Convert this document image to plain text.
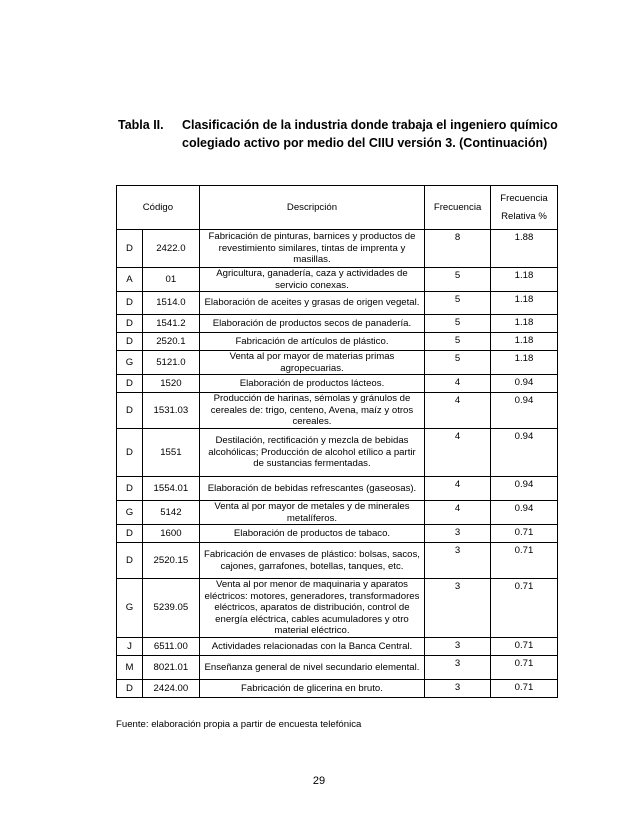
Tabla II. Clasificación de la industria donde trabaja el ingeniero químico
colegiado activo por medio del CIIU versión 3. (Continuación)
Código		Descripción	Frecuencia	Frecuencia
Relativa %

D	2422.0	Fabricación de pinturas, barnices y productos de revestimiento similares, tintas de imprenta y masillas.	8	1.88
A	01	Agricultura, ganadería, caza y actividades de servicio conexas.	5	1.18
D	1514.0	Elaboración de aceites y grasas de origen vegetal.	5	1.18
D	1541.2	Elaboración de productos secos de panadería.	5	1.18
D	2520.1	Fabricación de artículos de plástico.	5	1.18
G	5121.0	Venta al por mayor de materias primas agropecuarias.	5	1.18
D	1520	Elaboración de productos lácteos.	4	0.94
D	1531.03	Producción de harinas, sémolas y gránulos de cereales de: trigo, centeno, Avena, maíz y otros cereales.	4	0.94
D	1551	Destilación, rectificación y mezcla de bebidas alcohólicas; Producción de alcohol etílico a partir de sustancias fermentadas.	4	0.94
D	1554.01	Elaboración de bebidas refrescantes (gaseosas).	4	0.94
G	5142	Venta al por mayor de metales y de minerales metalíferos.	4	0.94
D	1600	Elaboración de productos de tabaco.	3	0.71
D	2520.15	Fabricación de envases de plástico: bolsas, sacos, cajones, garrafones, botellas, tanques, etc.	3	0.71
G	5239.05	Venta al por menor de maquinaria y aparatos eléctricos: motores, generadores, transformadores eléctricos, aparatos de distribución, control de energía eléctrica, cables acumuladores y otro material eléctrico.	3	0.71
J	6511.00	Actividades relacionadas con la Banca Central.	3	0.71
M	8021.01	Enseñanza general de nivel secundario elemental.	3	0.71
D	2424.00	Fabricación de glicerina en bruto.	3	0.71
Fuente: elaboración propia a partir de encuesta telefónica
29
